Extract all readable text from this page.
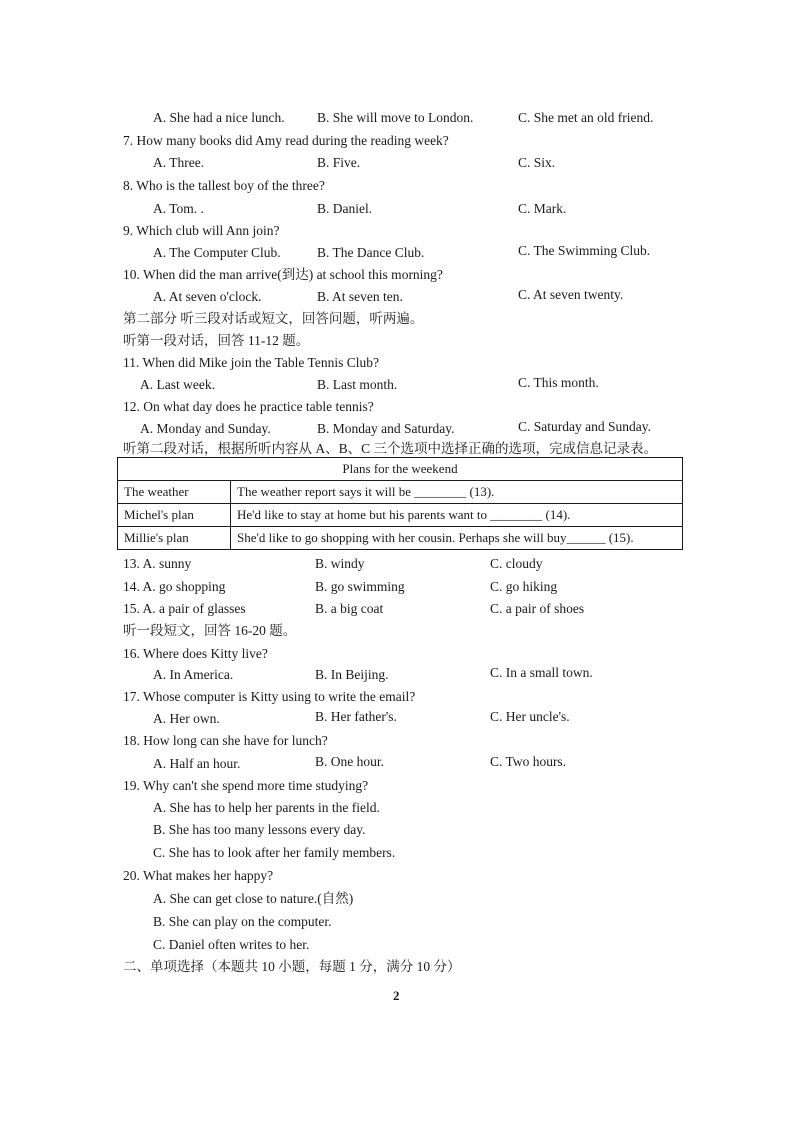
A. She had a nice lunch. B. She will move to London.	C. She met an old friend.
7. How many books did Amy read during the reading week?
A. Three.	B. Five.	C. Six.
8. Who is the tallest boy of the three?
A. Tom. .	B. Daniel.	C. Mark.
9. Which club will Ann join?
A. The Computer Club.	B. The Dance Club.	C. The Swimming Club.
10. When did the man arrive(到达) at school this morning?
A. At seven o'clock.	B. At seven ten.	C. At seven twenty.
第二部分 听三段对话或短文，回答问题，听两遍。
听第一段对话，回答 11-12 题。
11. When did Mike join the Table Tennis Club?
A. Last week.	B. Last month.	C. This month.
12. On what day does he practice table tennis?
A. Monday and Sunday.	B. Monday and Saturday.	C. Saturday and Sunday.
听第二段对话，根据所听内容从 A、B、C 三个选项中选择正确的选项，完成信息记录表。
13. A. sunny	B. windy	C. cloudy
14. A. go shopping	B. go swimming	C. go hiking
15. A. a pair of glasses	B. a big coat	C. a pair of shoes
听一段短文，回答 16-20 题。
16. Where does Kitty live?
A. In America.	B. In Beijing.	C. In a small town.
17. Whose computer is Kitty using to write the email?
A. Her own.	B. Her father's.	C. Her uncle's.
18. How long can she have for lunch?
A. Half an hour.	B. One hour.	C. Two hours.
19. Why can't she spend more time studying?
A. She has to help her parents in the field.
B. She has too many lessons every day.
C. She has to look after her family members.
20. What makes her happy?
A. She can get close to nature.(自然)
B. She can play on the computer.
C. Daniel often writes to her.
二、单项选择（本题共 10 小题，每题 1 分，满分 10 分）
Plans for the weekend	
The weather	The weather report says it will be ________ (13).
Michel's plan	He'd like to stay at home but his parents want to ________ (14).
Millie's plan	She'd like to go shopping with her cousin. Perhaps she will buy______ (15).
2
